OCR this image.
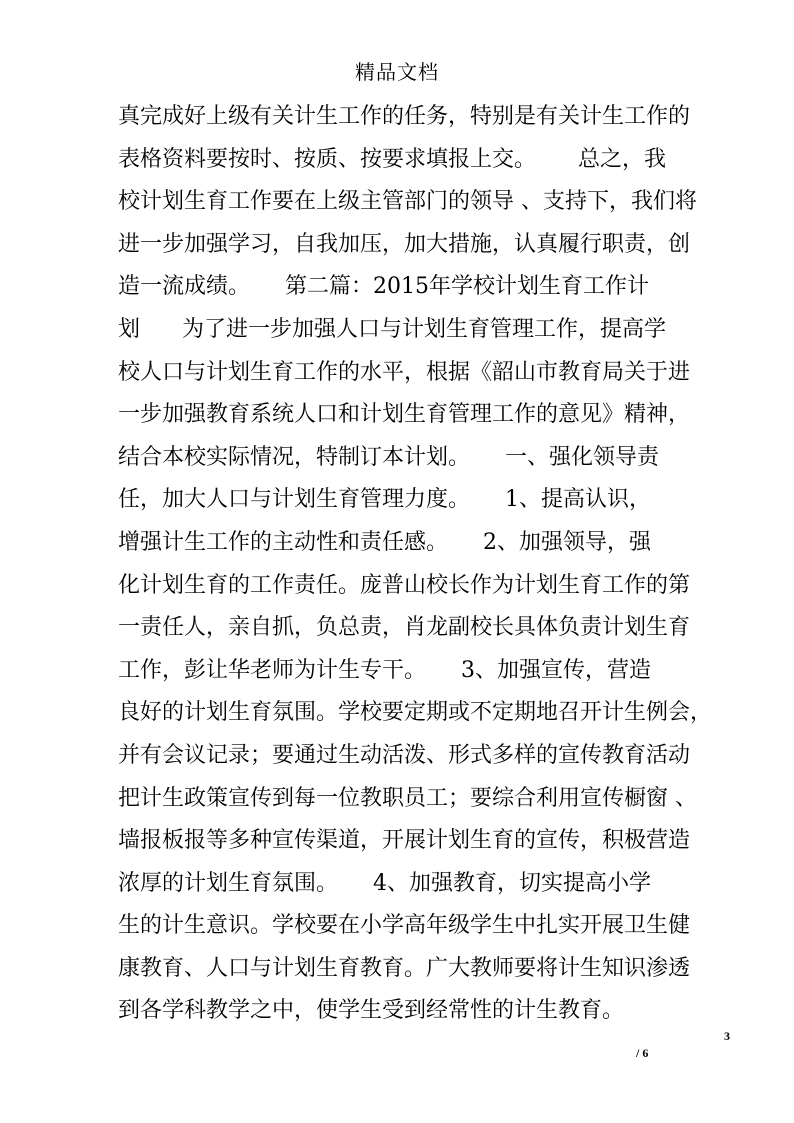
精品文档
真完成好上级有关计生工作的任务，特别是有关计生工作的
表格资料要按时、按质、按要求填报上交。      总之，我
校计划生育工作要在上级主管部门的领导 、支持下，我们将
进一步加强学习，自我加压，加大措施，认真履行职责，创
造一流成绩。     第二篇：2015年学校计划生育工作计
划      为了进一步加强人口与计划生育管理工作，提高学
校人口与计划生育工作的水平，根据《韶山市教育局关于进
一步加强教育系统人口和计划生育管理工作的意见》精神，
结合本校实际情况，特制订本计划。     一、强化领导责
任，加大人口与计划生育管理力度。     1、提高认识，
增强计生工作的主动性和责任感。     2、加强领导，强
化计划生育的工作责任。庞普山校长作为计划生育工作的第
一责任人，亲自抓，负总责，肖龙副校长具体负责计划生育
工作，彭让华老师为计生专干。     3、加强宣传，营造
良好的计划生育氛围。学校要定期或不定期地召开计生例会，
并有会议记录；要通过生动活泼、形式多样的宣传教育活动
把计生政策宣传到每一位教职员工；要综合利用宣传橱窗 、
墙报板报等多种宣传渠道，开展计划生育的宣传，积极营造
浓厚的计划生育氛围。     4、加强教育，切实提高小学
生的计生意识。学校要在小学高年级学生中扎实开展卫生健
康教育、人口与计划生育教育。广大教师要将计生知识渗透
到各学科教学之中，使学生受到经常性的计生教育。
3
/ 6
